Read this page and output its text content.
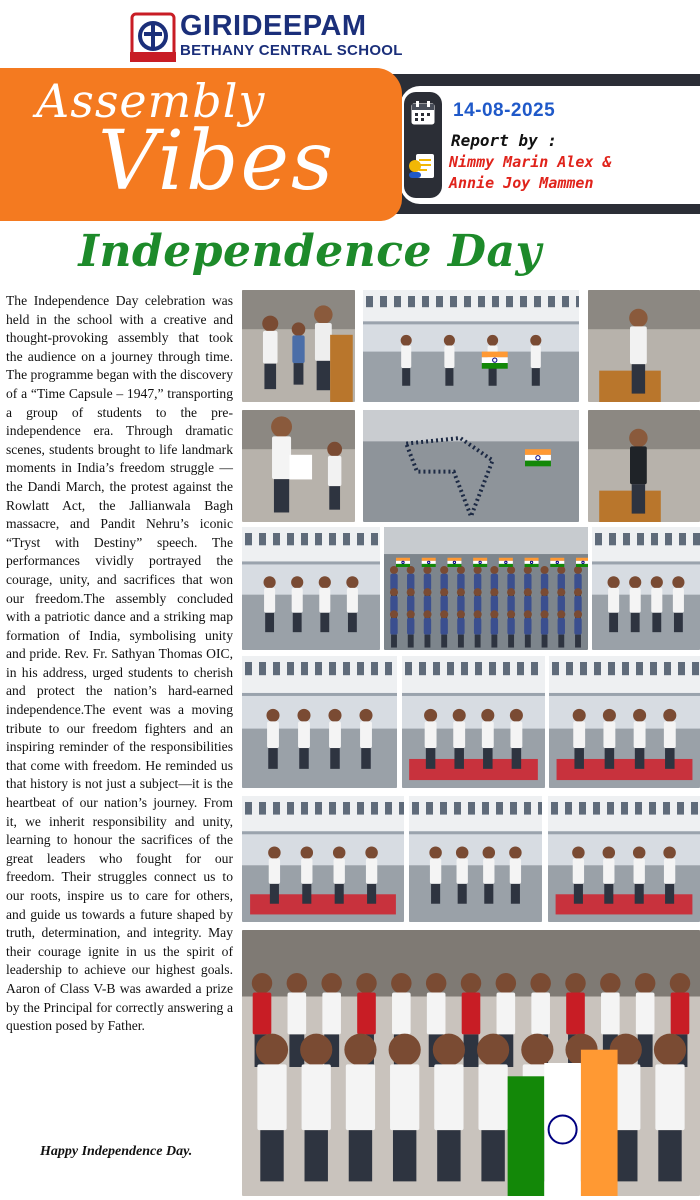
GIRIDEEPAM
BETHANY CENTRAL SCHOOL
Assembly
Vibes
14-08-2025
Report by :
Nimmy Marin Alex &
Annie Joy Mammen
Independence Day
The Independence Day celebration was held in the school with a creative and thought-provoking assembly that took the audience on a journey through time. The programme began with the discovery of a “Time Capsule – 1947,” transporting a group of students to the pre-independence era. Through dramatic scenes, students brought to life landmark moments in India’s freedom struggle — the Dandi March, the protest against the Rowlatt Act, the Jallianwala Bagh massacre, and Pandit Nehru’s iconic “Tryst with Destiny” speech. The performances vividly portrayed the courage, unity, and sacrifices that won our freedom.The assembly concluded with a patriotic dance and a striking map formation of India, symbolising unity and pride. Rev. Fr. Sathyan Thomas OIC, in his address, urged students to cherish and protect the nation’s hard-earned independence.The event was a moving tribute to our freedom fighters and an inspiring reminder of the responsibilities that come with freedom. He reminded us that history is not just a subject—it is the heartbeat of our nation’s journey. From it, we inherit responsibility and unity, learning to honour the sacrifices of the great leaders who fought for our freedom. Their struggles connect us to our roots, inspire us to care for others, and guide us towards a future shaped by truth, determination, and integrity. May their courage ignite in us the spirit of leadership to achieve our highest goals. Aaron of Class V-B was awarded a prize by the Principal for correctly answering a question posed by Father.
Happy Independence Day.
